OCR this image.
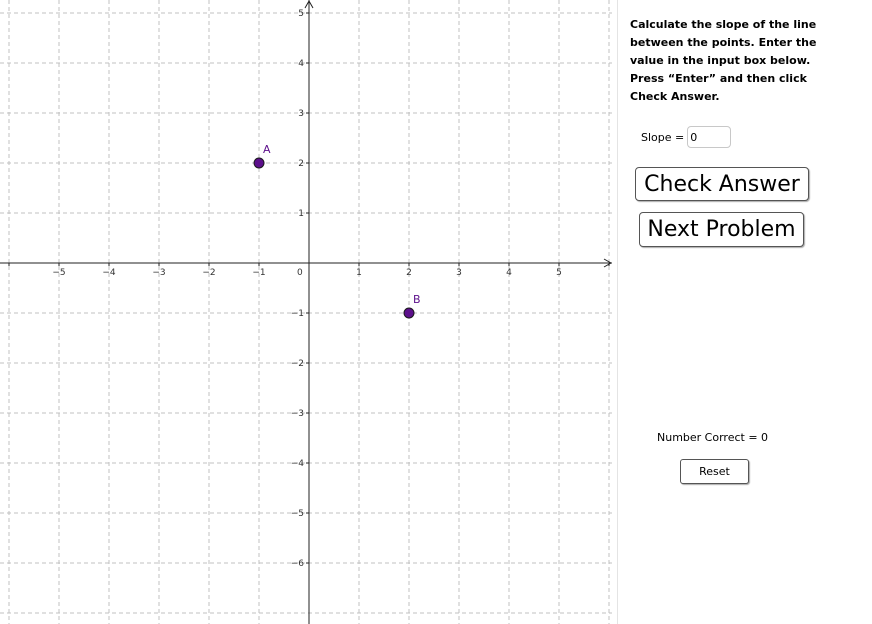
−5	−4	−3	−2	−1	0	1	2	3	4	5
5
4
3
2
1
−1
−2
−3
−4
−5
−6
A
B
Calculate the slope of the line between the points. Enter the value in the input box below. Press “Enter” and then click Check Answer.
Slope =
0
Check Answer
Next Problem
Number Correct = 0
Reset
